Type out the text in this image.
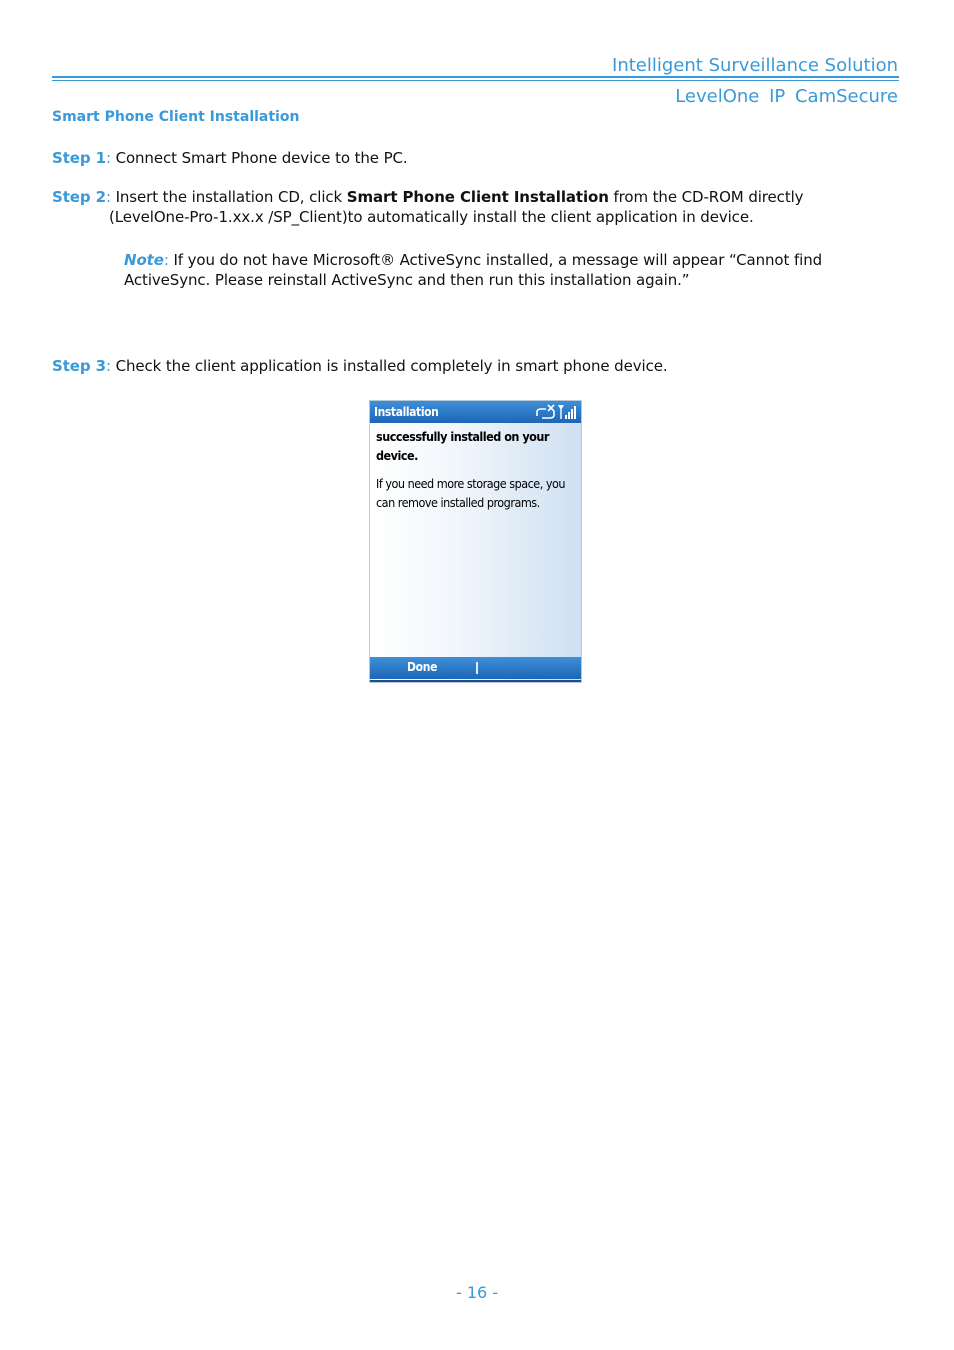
Intelligent Surveillance Solution
LevelOne IP CamSecure
Smart Phone Client Installation
Step 1: Connect Smart Phone device to the PC.
Step 2: Insert the installation CD, click Smart Phone Client Installation from the CD-ROM directly
(LevelOne-Pro-1.xx.x /SP_Client)to automatically install the client application in device.
Note: If you do not have Microsoft® ActiveSync installed, a message will appear “Cannot find
ActiveSync. Please reinstall ActiveSync and then run this installation again.”
Step 3: Check the client application is installed completely in smart phone device.
Installation
successfully installed on your device.
If you need more storage space, you can remove installed programs.
Done
- 16 -
